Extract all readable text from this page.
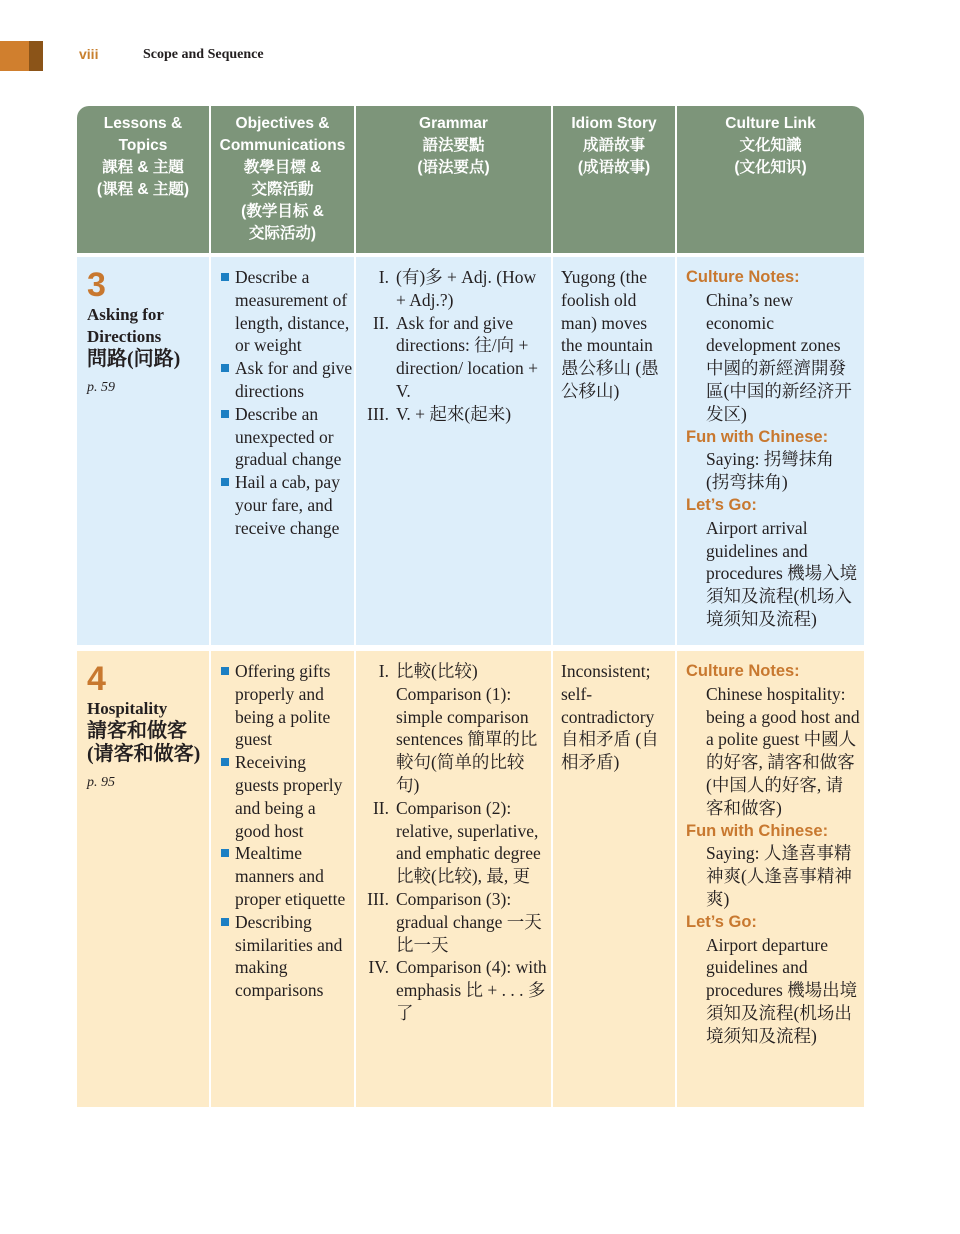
viii	Scope and Sequence
Lessons &
Topics
課程 & 主題
(课程 & 主题)
Objectives &
Communications
教學目標 &
交際活動
(教学目标 &
交际活动)
Grammar
語法要點
(语法要点)
Idiom Story
成語故事
(成语故事)
Culture Link
文化知識
(文化知识)
3
Asking for
Directions
問路(问路)
p. 59
Describe a measurement of length, distance, or weight
Ask for and give directions
Describe an unexpected or gradual change
Hail a cab, pay your fare, and receive change
I. (有)多 + Adj. (How + Adj.?)
II. Ask for and give directions: 往/向 + direction/ location + V.
III. V. + 起來(起来)
Yugong (the foolish old man) moves the mountain
愚公移山 (愚公移山)
Culture Notes:
China’s new economic development zones 中國的新經濟開發區(中国的新经济开发区)
Fun with Chinese:
Saying: 拐彎抹角 (拐弯抹角)
Let’s Go:
Airport arrival guidelines and procedures 機場入境須知及流程(机场入境须知及流程)
4
Hospitality
請客和做客 (请客和做客)
p. 95
Offering gifts properly and being a polite guest
Receiving guests properly and being a good host
Mealtime manners and proper etiquette
Describing similarities and making comparisons
I. 比較(比较) Comparison (1): simple comparison sentences 簡單的比較句(简单的比较句)
II. Comparison (2): relative, superlative, and emphatic degree 比較(比较), 最, 更
III. Comparison (3): gradual change 一天比一天
IV. Comparison (4): with emphasis 比 + . . . 多了
Inconsistent; self-contradictory
自相矛盾 (自相矛盾)
Culture Notes:
Chinese hospitality: being a good host and a polite guest 中國人的好客, 請客和做客 (中国人的好客, 请客和做客)
Fun with Chinese:
Saying: 人逢喜事精神爽(人逢喜事精神爽)
Let’s Go:
Airport departure guidelines and procedures 機場出境須知及流程(机场出境须知及流程)
